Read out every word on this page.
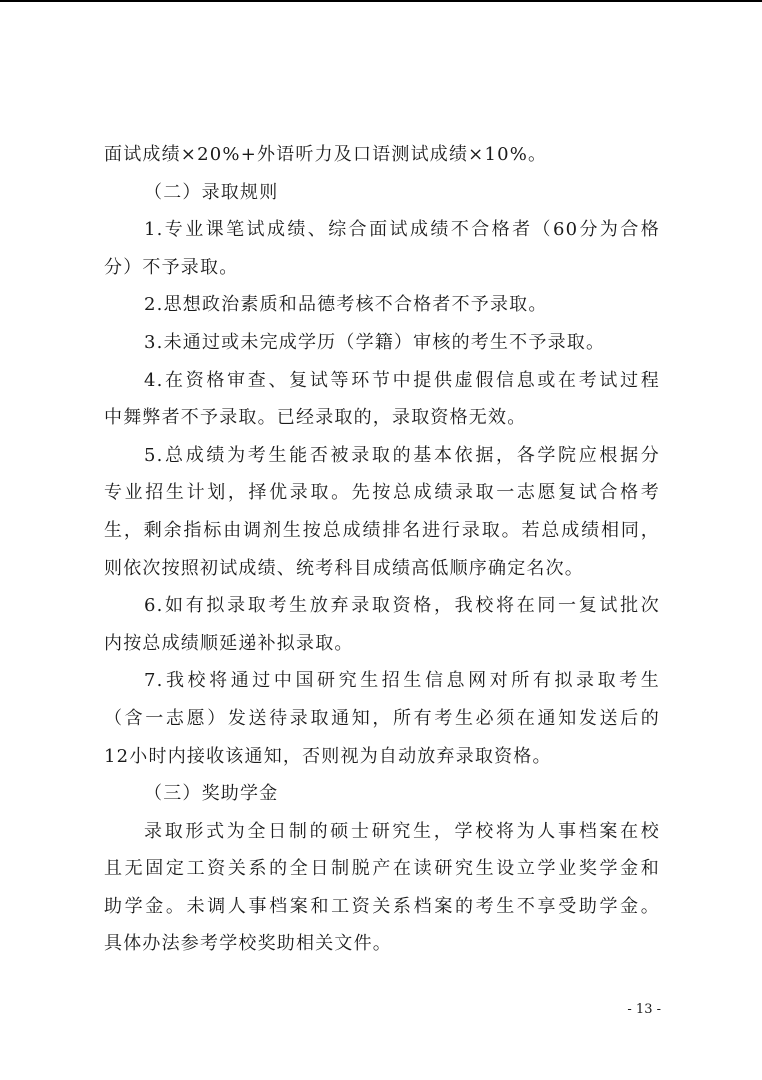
面试成绩×20%+外语听力及口语测试成绩×10%。
（二）录取规则
1.专业课笔试成绩、综合面试成绩不合格者（60分为合格
分）不予录取。
2.思想政治素质和品德考核不合格者不予录取。
3.未通过或未完成学历（学籍）审核的考生不予录取。
4.在资格审查、复试等环节中提供虚假信息或在考试过程
中舞弊者不予录取。已经录取的，录取资格无效。
5.总成绩为考生能否被录取的基本依据，各学院应根据分
专业招生计划，择优录取。先按总成绩录取一志愿复试合格考
生，剩余指标由调剂生按总成绩排名进行录取。若总成绩相同，
则依次按照初试成绩、统考科目成绩高低顺序确定名次。
6.如有拟录取考生放弃录取资格，我校将在同一复试批次
内按总成绩顺延递补拟录取。
7.我校将通过中国研究生招生信息网对所有拟录取考生
（含一志愿）发送待录取通知，所有考生必须在通知发送后的
12小时内接收该通知，否则视为自动放弃录取资格。
（三）奖助学金
录取形式为全日制的硕士研究生，学校将为人事档案在校
且无固定工资关系的全日制脱产在读研究生设立学业奖学金和
助学金。未调人事档案和工资关系档案的考生不享受助学金。
具体办法参考学校奖助相关文件。
- 13 -
